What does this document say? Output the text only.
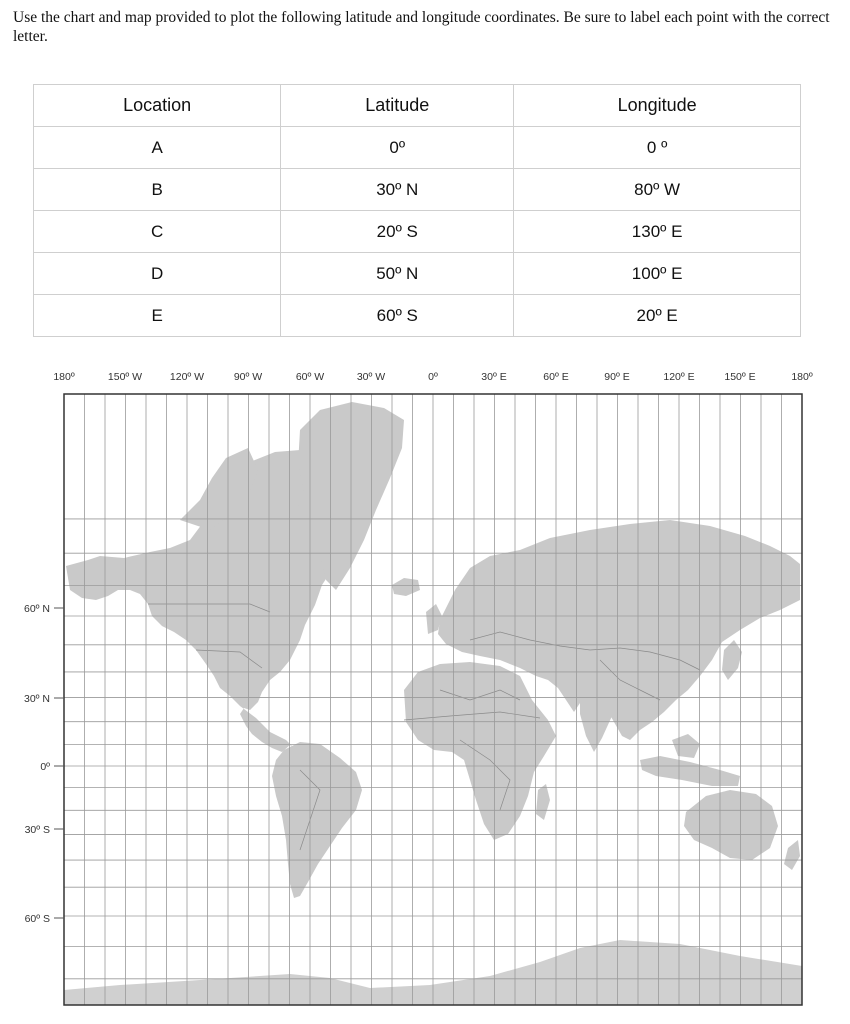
Use the chart and map provided to plot the following latitude and longitude coordinates. Be sure to label each point with the correct letter.
Location	Latitude	Longitude
A	0º	0 º
B	30º N	80º W
C	20º S	130º E
D	50º N	100º E
E	60º S	20º E
180º	150º W	120º W	90º W	60º W	30º W	0º	30º E	60º E	90º E	120º E	150º E	180º
60º N
30º N
0º
30º S
60º S
